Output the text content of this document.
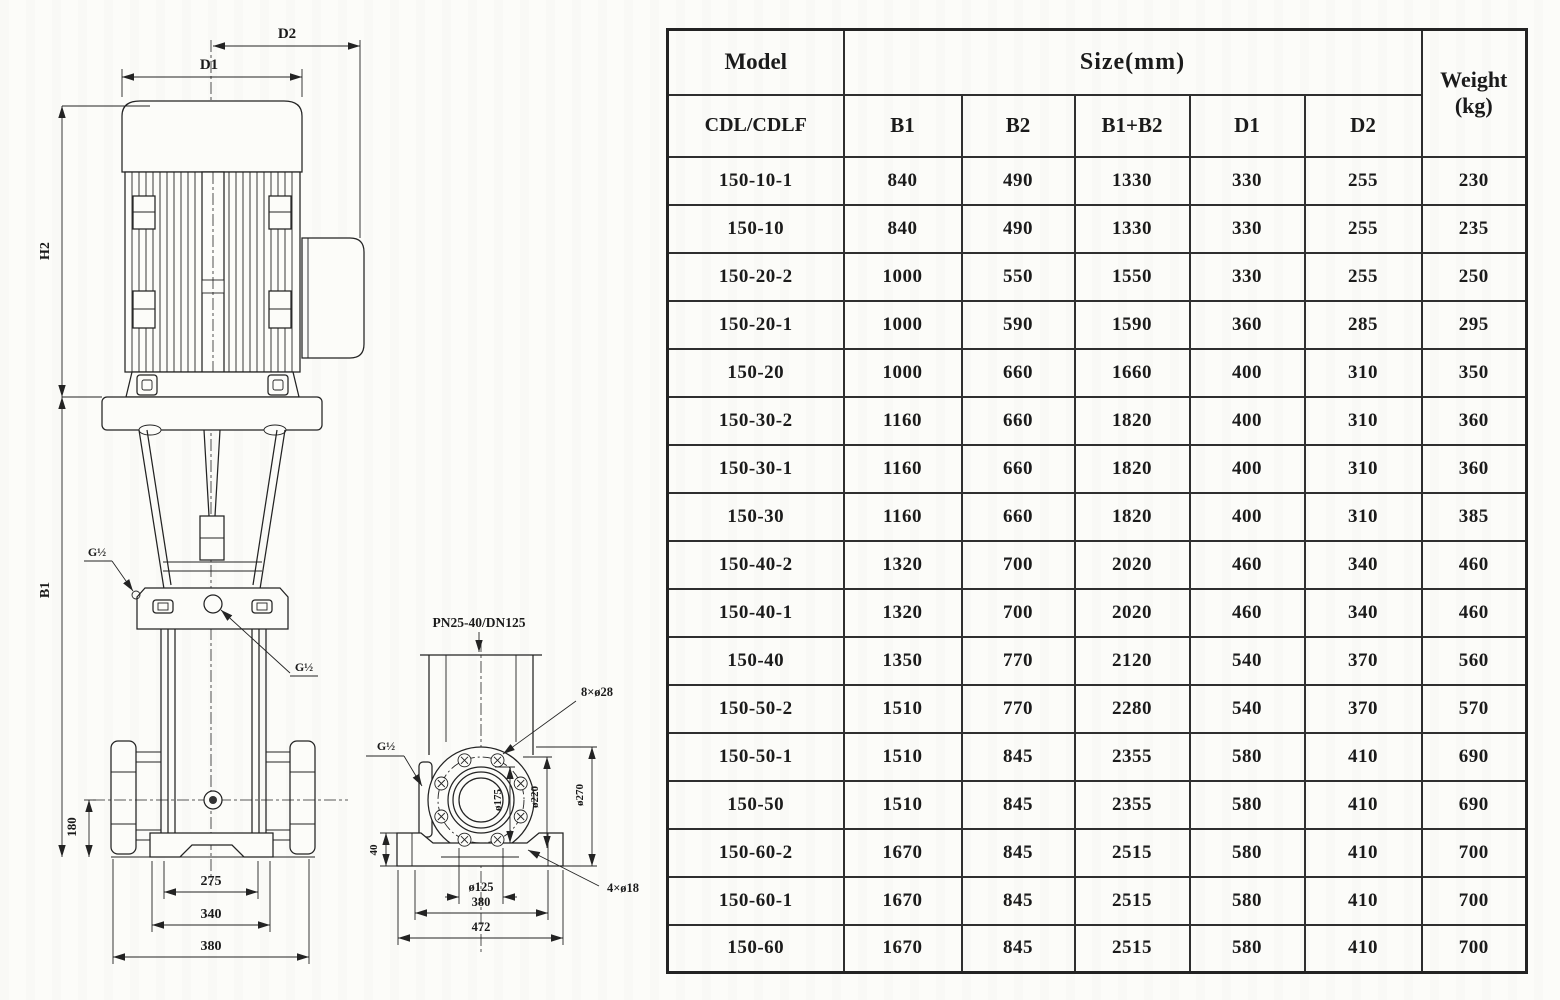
D2
D1
H2
B1
180
275
340
380
G½
G½
PN25-40/DN125
8×ø28
G½
ø175 ø220	ø270
40
ø125
380
472
4×ø18
Model	Size(mm)					Weight
(kg)

CDL/CDLF	B1	B2	B1+B2	D1	D2	
150-10-1	840	490	1330	330	255	230
150-10	840	490	1330	330	255	235
150-20-2	1000	550	1550	330	255	250
150-20-1	1000	590	1590	360	285	295
150-20	1000	660	1660	400	310	350
150-30-2	1160	660	1820	400	310	360
150-30-1	1160	660	1820	400	310	360
150-30	1160	660	1820	400	310	385
150-40-2	1320	700	2020	460	340	460
150-40-1	1320	700	2020	460	340	460
150-40	1350	770	2120	540	370	560
150-50-2	1510	770	2280	540	370	570
150-50-1	1510	845	2355	580	410	690
150-50	1510	845	2355	580	410	690
150-60-2	1670	845	2515	580	410	700
150-60-1	1670	845	2515	580	410	700
150-60	1670	845	2515	580	410	700
